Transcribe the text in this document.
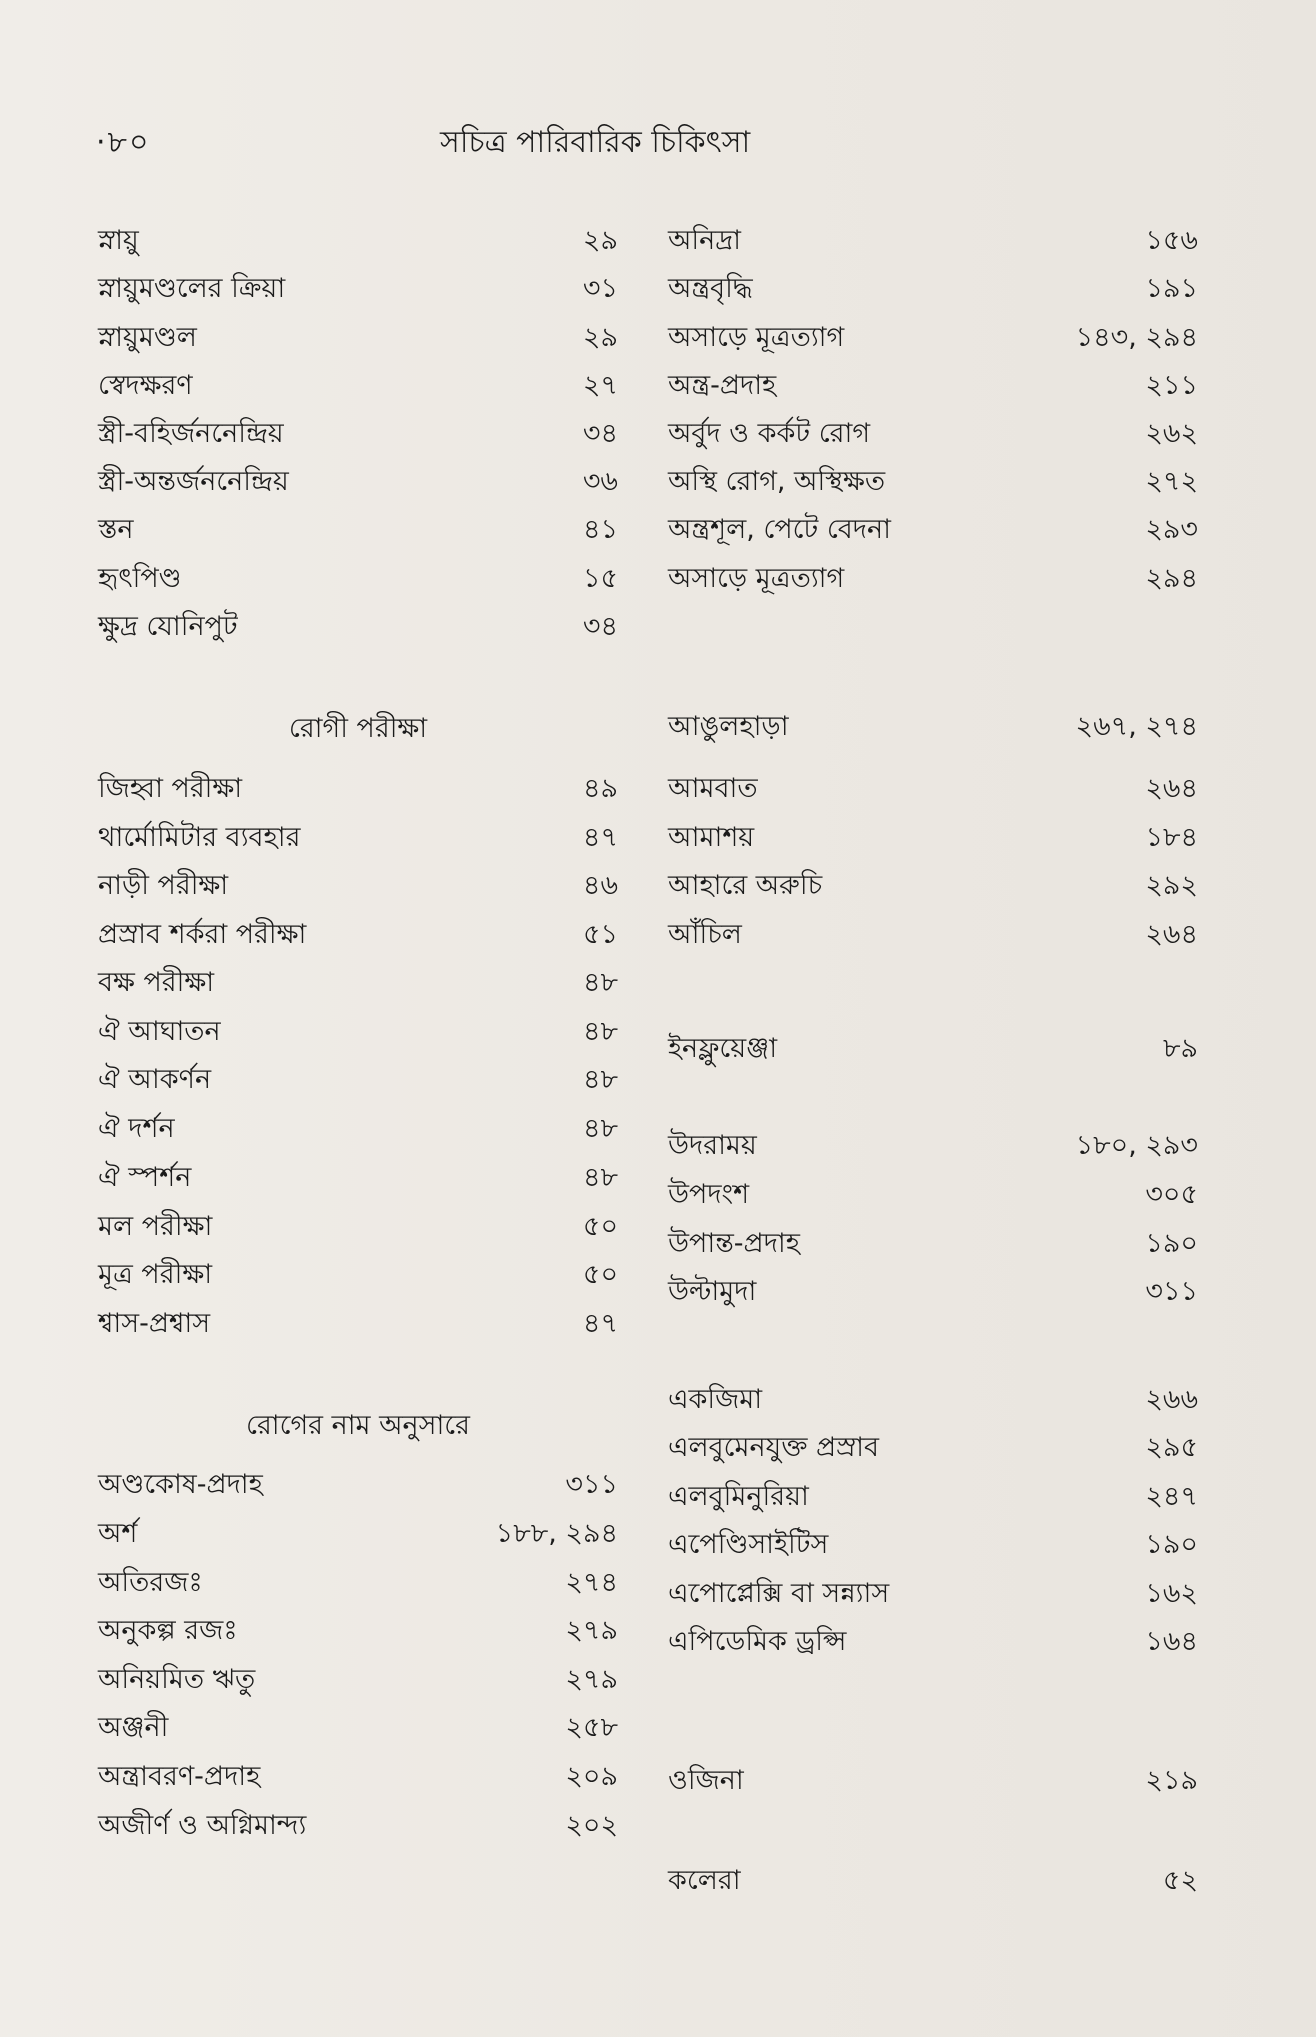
·৮০	সচিত্র পারিবারিক চিকিৎসা
স্নায়ু	২৯
স্নায়ুমণ্ডলের ক্রিয়া	৩১
স্নায়ুমণ্ডল	২৯
স্বেদক্ষরণ	২৭
স্ত্রী-বহির্জননেন্দ্রিয়	৩৪
স্ত্রী-অন্তর্জননেন্দ্রিয়	৩৬
স্তন	৪১
হৃৎপিণ্ড	১৫
ক্ষুদ্র যোনিপুট	৩৪
রোগী পরীক্ষা
জিহ্বা পরীক্ষা	৪৯
থার্মোমিটার ব্যবহার	৪৭
নাড়ী পরীক্ষা	৪৬
প্রস্রাব শর্করা পরীক্ষা	৫১
বক্ষ পরীক্ষা	৪৮
ঐ আঘাতন	৪৮
ঐ আকর্ণন	৪৮
ঐ দর্শন	৪৮
ঐ স্পর্শন	৪৮
মল পরীক্ষা	৫০
মূত্র পরীক্ষা	৫০
শ্বাস-প্রশ্বাস	৪৭
রোগের নাম অনুসারে
অণ্ডকোষ-প্রদাহ	৩১১
অর্শ	১৮৮, ২৯৪
অতিরজঃ	২৭৪
অনুকল্প রজঃ	২৭৯
অনিয়মিত ঋতু	২৭৯
অঞ্জনী	২৫৮
অন্ত্রাবরণ-প্রদাহ	২০৯
অজীর্ণ ও অগ্নিমান্দ্য	২০২
অনিদ্রা	১৫৬
অন্ত্রবৃদ্ধি	১৯১
অসাড়ে মূত্রত্যাগ	১৪৩, ২৯৪
অন্ত্র-প্রদাহ	২১১
অর্বুদ ও কর্কট রোগ	২৬২
অস্থি রোগ, অস্থিক্ষত	২৭২
অন্ত্রশূল, পেটে বেদনা	২৯৩
অসাড়ে মূত্রত্যাগ	২৯৪
আঙুলহাড়া	২৬৭, ২৭৪
আমবাত	২৬৪
আমাশয়	১৮৪
আহারে অরুচি	২৯২
আঁচিল	২৬৪
ইনফ্লুয়েঞ্জা	৮৯
উদরাময়	১৮০, ২৯৩
উপদংশ	৩০৫
উপান্ত-প্রদাহ	১৯০
উল্টামুদা	৩১১
একজিমা	২৬৬
এলবুমেনযুক্ত প্রস্রাব	২৯৫
এলবুমিনুরিয়া	২৪৭
এপেণ্ডিসাইটিস	১৯০
এপোপ্লেক্সি বা সন্ন্যাস	১৬২
এপিডেমিক ড্রপ্সি	১৬৪
ওজিনা	২১৯
কলেরা	৫২
